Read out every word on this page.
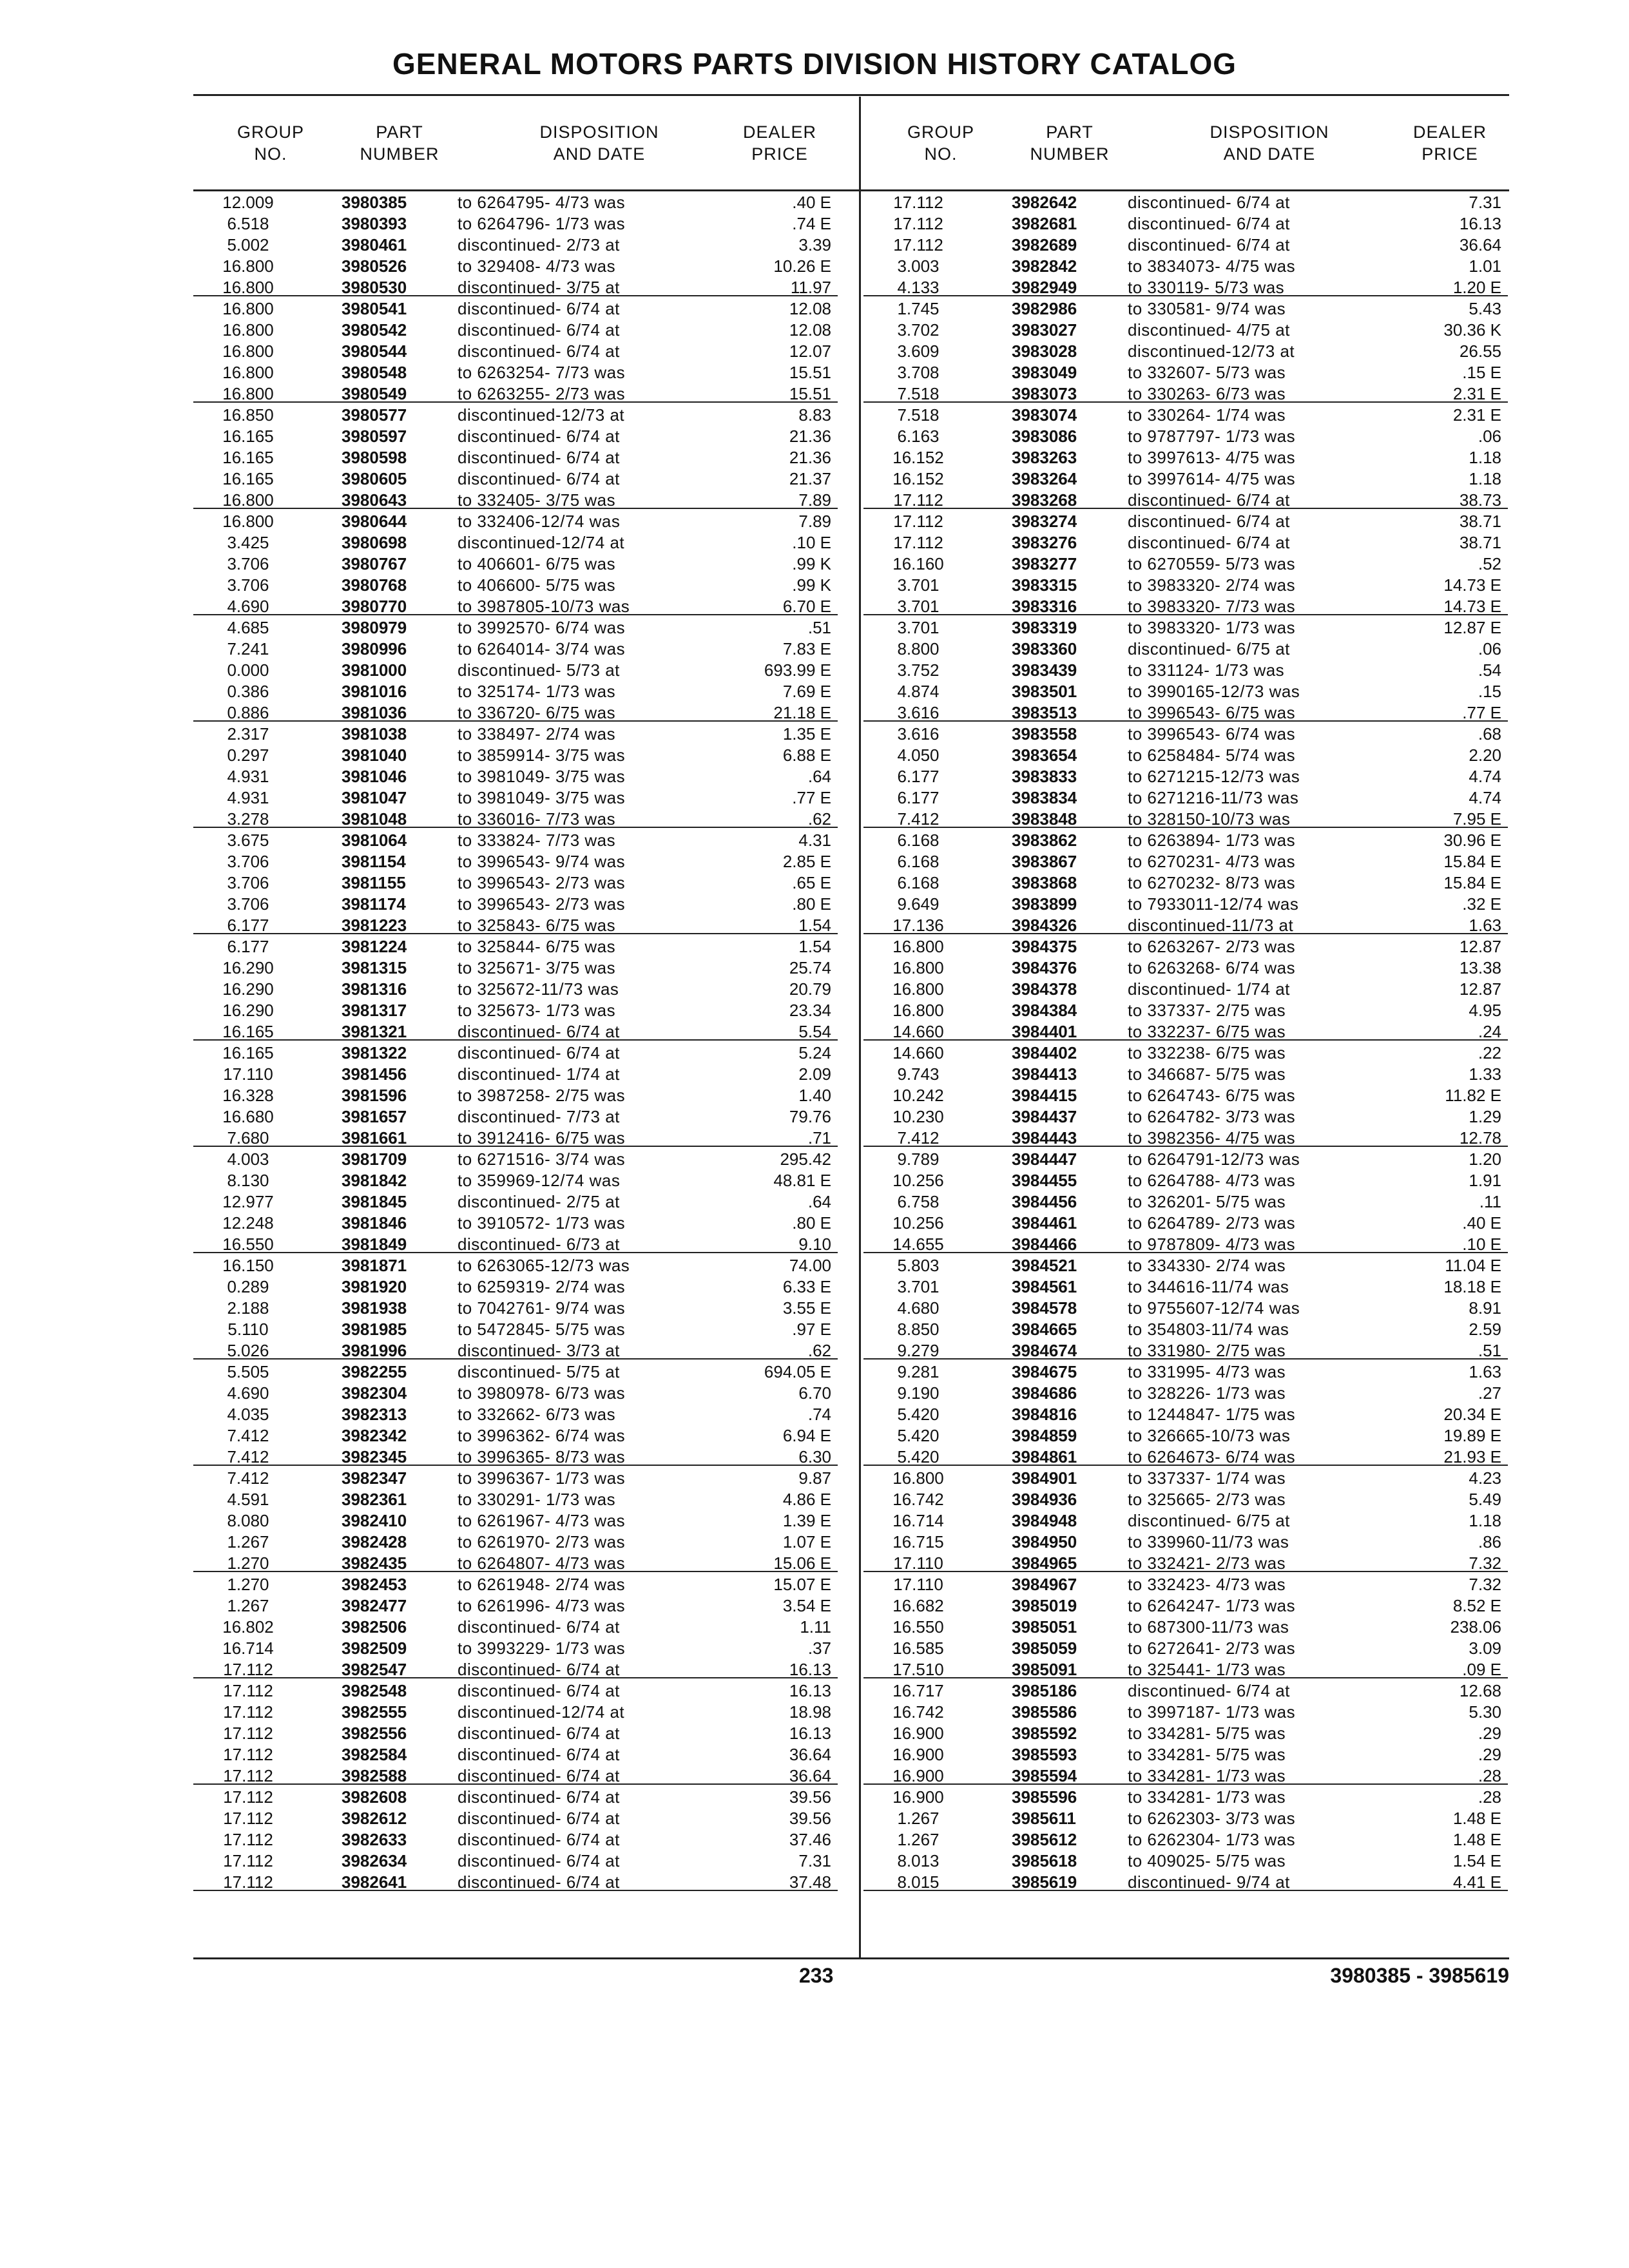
GENERAL MOTORS PARTS DIVISION HISTORY CATALOG
GROUP
NO.
PART
NUMBER
DISPOSITION
AND DATE
DEALER
PRICE
GROUP
NO.
PART
NUMBER
DISPOSITION
AND DATE
DEALER
PRICE
12.009	3980385	to 6264795- 4/73 was	.40 E
6.518	3980393	to 6264796- 1/73 was	.74 E
5.002	3980461	discontinued- 2/73 at	3.39
16.800	3980526	to 329408- 4/73 was	10.26 E
16.800	3980530	discontinued- 3/75 at	11.97
16.800	3980541	discontinued- 6/74 at	12.08
16.800	3980542	discontinued- 6/74 at	12.08
16.800	3980544	discontinued- 6/74 at	12.07
16.800	3980548	to 6263254- 7/73 was	15.51
16.800	3980549	to 6263255- 2/73 was	15.51
16.850	3980577	discontinued-12/73 at	8.83
16.165	3980597	discontinued- 6/74 at	21.36
16.165	3980598	discontinued- 6/74 at	21.36
16.165	3980605	discontinued- 6/74 at	21.37
16.800	3980643	to 332405- 3/75 was	7.89
16.800	3980644	to 332406-12/74 was	7.89
3.425	3980698	discontinued-12/74 at	.10 E
3.706	3980767	to 406601- 6/75 was	.99 K
3.706	3980768	to 406600- 5/75 was	.99 K
4.690	3980770	to 3987805-10/73 was	6.70 E
4.685	3980979	to 3992570- 6/74 was	.51
7.241	3980996	to 6264014- 3/74 was	7.83 E
0.000	3981000	discontinued- 5/73 at	693.99 E
0.386	3981016	to 325174- 1/73 was	7.69 E
0.886	3981036	to 336720- 6/75 was	21.18 E
2.317	3981038	to 338497- 2/74 was	1.35 E
0.297	3981040	to 3859914- 3/75 was	6.88 E
4.931	3981046	to 3981049- 3/75 was	.64
4.931	3981047	to 3981049- 3/75 was	.77 E
3.278	3981048	to 336016- 7/73 was	.62
3.675	3981064	to 333824- 7/73 was	4.31
3.706	3981154	to 3996543- 9/74 was	2.85 E
3.706	3981155	to 3996543- 2/73 was	.65 E
3.706	3981174	to 3996543- 2/73 was	.80 E
6.177	3981223	to 325843- 6/75 was	1.54
6.177	3981224	to 325844- 6/75 was	1.54
16.290	3981315	to 325671- 3/75 was	25.74
16.290	3981316	to 325672-11/73 was	20.79
16.290	3981317	to 325673- 1/73 was	23.34
16.165	3981321	discontinued- 6/74 at	5.54
16.165	3981322	discontinued- 6/74 at	5.24
17.110	3981456	discontinued- 1/74 at	2.09
16.328	3981596	to 3987258- 2/75 was	1.40
16.680	3981657	discontinued- 7/73 at	79.76
7.680	3981661	to 3912416- 6/75 was	.71
4.003	3981709	to 6271516- 3/74 was	295.42
8.130	3981842	to 359969-12/74 was	48.81 E
12.977	3981845	discontinued- 2/75 at	.64
12.248	3981846	to 3910572- 1/73 was	.80 E
16.550	3981849	discontinued- 6/73 at	9.10
16.150	3981871	to 6263065-12/73 was	74.00
0.289	3981920	to 6259319- 2/74 was	6.33 E
2.188	3981938	to 7042761- 9/74 was	3.55 E
5.110	3981985	to 5472845- 5/75 was	.97 E
5.026	3981996	discontinued- 3/73 at	.62
5.505	3982255	discontinued- 5/75 at	694.05 E
4.690	3982304	to 3980978- 6/73 was	6.70
4.035	3982313	to 332662- 6/73 was	.74
7.412	3982342	to 3996362- 6/74 was	6.94 E
7.412	3982345	to 3996365- 8/73 was	6.30
7.412	3982347	to 3996367- 1/73 was	9.87
4.591	3982361	to 330291- 1/73 was	4.86 E
8.080	3982410	to 6261967- 4/73 was	1.39 E
1.267	3982428	to 6261970- 2/73 was	1.07 E
1.270	3982435	to 6264807- 4/73 was	15.06 E
1.270	3982453	to 6261948- 2/74 was	15.07 E
1.267	3982477	to 6261996- 4/73 was	3.54 E
16.802	3982506	discontinued- 6/74 at	1.11
16.714	3982509	to 3993229- 1/73 was	.37
17.112	3982547	discontinued- 6/74 at	16.13
17.112	3982548	discontinued- 6/74 at	16.13
17.112	3982555	discontinued-12/74 at	18.98
17.112	3982556	discontinued- 6/74 at	16.13
17.112	3982584	discontinued- 6/74 at	36.64
17.112	3982588	discontinued- 6/74 at	36.64
17.112	3982608	discontinued- 6/74 at	39.56
17.112	3982612	discontinued- 6/74 at	39.56
17.112	3982633	discontinued- 6/74 at	37.46
17.112	3982634	discontinued- 6/74 at	7.31
17.112	3982641	discontinued- 6/74 at	37.48
17.112	3982642	discontinued- 6/74 at	7.31
17.112	3982681	discontinued- 6/74 at	16.13
17.112	3982689	discontinued- 6/74 at	36.64
3.003	3982842	to 3834073- 4/75 was	1.01
4.133	3982949	to 330119- 5/73 was	1.20 E
1.745	3982986	to 330581- 9/74 was	5.43
3.702	3983027	discontinued- 4/75 at	30.36 K
3.609	3983028	discontinued-12/73 at	26.55
3.708	3983049	to 332607- 5/73 was	.15 E
7.518	3983073	to 330263- 6/73 was	2.31 E
7.518	3983074	to 330264- 1/74 was	2.31 E
6.163	3983086	to 9787797- 1/73 was	.06
16.152	3983263	to 3997613- 4/75 was	1.18
16.152	3983264	to 3997614- 4/75 was	1.18
17.112	3983268	discontinued- 6/74 at	38.73
17.112	3983274	discontinued- 6/74 at	38.71
17.112	3983276	discontinued- 6/74 at	38.71
16.160	3983277	to 6270559- 5/73 was	.52
3.701	3983315	to 3983320- 2/74 was	14.73 E
3.701	3983316	to 3983320- 7/73 was	14.73 E
3.701	3983319	to 3983320- 1/73 was	12.87 E
8.800	3983360	discontinued- 6/75 at	.06
3.752	3983439	to 331124- 1/73 was	.54
4.874	3983501	to 3990165-12/73 was	.15
3.616	3983513	to 3996543- 6/75 was	.77 E
3.616	3983558	to 3996543- 6/74 was	.68
4.050	3983654	to 6258484- 5/74 was	2.20
6.177	3983833	to 6271215-12/73 was	4.74
6.177	3983834	to 6271216-11/73 was	4.74
7.412	3983848	to 328150-10/73 was	7.95 E
6.168	3983862	to 6263894- 1/73 was	30.96 E
6.168	3983867	to 6270231- 4/73 was	15.84 E
6.168	3983868	to 6270232- 8/73 was	15.84 E
9.649	3983899	to 7933011-12/74 was	.32 E
17.136	3984326	discontinued-11/73 at	1.63
16.800	3984375	to 6263267- 2/73 was	12.87
16.800	3984376	to 6263268- 6/74 was	13.38
16.800	3984378	discontinued- 1/74 at	12.87
16.800	3984384	to 337337- 2/75 was	4.95
14.660	3984401	to 332237- 6/75 was	.24
14.660	3984402	to 332238- 6/75 was	.22
9.743	3984413	to 346687- 5/75 was	1.33
10.242	3984415	to 6264743- 6/75 was	11.82 E
10.230	3984437	to 6264782- 3/73 was	1.29
7.412	3984443	to 3982356- 4/75 was	12.78
9.789	3984447	to 6264791-12/73 was	1.20
10.256	3984455	to 6264788- 4/73 was	1.91
6.758	3984456	to 326201- 5/75 was	.11
10.256	3984461	to 6264789- 2/73 was	.40 E
14.655	3984466	to 9787809- 4/73 was	.10 E
5.803	3984521	to 334330- 2/74 was	11.04 E
3.701	3984561	to 344616-11/74 was	18.18 E
4.680	3984578	to 9755607-12/74 was	8.91
8.850	3984665	to 354803-11/74 was	2.59
9.279	3984674	to 331980- 2/75 was	.51
9.281	3984675	to 331995- 4/73 was	1.63
9.190	3984686	to 328226- 1/73 was	.27
5.420	3984816	to 1244847- 1/75 was	20.34 E
5.420	3984859	to 326665-10/73 was	19.89 E
5.420	3984861	to 6264673- 6/74 was	21.93 E
16.800	3984901	to 337337- 1/74 was	4.23
16.742	3984936	to 325665- 2/73 was	5.49
16.714	3984948	discontinued- 6/75 at	1.18
16.715	3984950	to 339960-11/73 was	.86
17.110	3984965	to 332421- 2/73 was	7.32
17.110	3984967	to 332423- 4/73 was	7.32
16.682	3985019	to 6264247- 1/73 was	8.52 E
16.550	3985051	to 687300-11/73 was	238.06
16.585	3985059	to 6272641- 2/73 was	3.09
17.510	3985091	to 325441- 1/73 was	.09 E
16.717	3985186	discontinued- 6/74 at	12.68
16.742	3985586	to 3997187- 1/73 was	5.30
16.900	3985592	to 334281- 5/75 was	.29
16.900	3985593	to 334281- 5/75 was	.29
16.900	3985594	to 334281- 1/73 was	.28
16.900	3985596	to 334281- 1/73 was	.28
1.267	3985611	to 6262303- 3/73 was	1.48 E
1.267	3985612	to 6262304- 1/73 was	1.48 E
8.013	3985618	to 409025- 5/75 was	1.54 E
8.015	3985619	discontinued- 9/74 at	4.41 E
233	3980385 - 3985619
